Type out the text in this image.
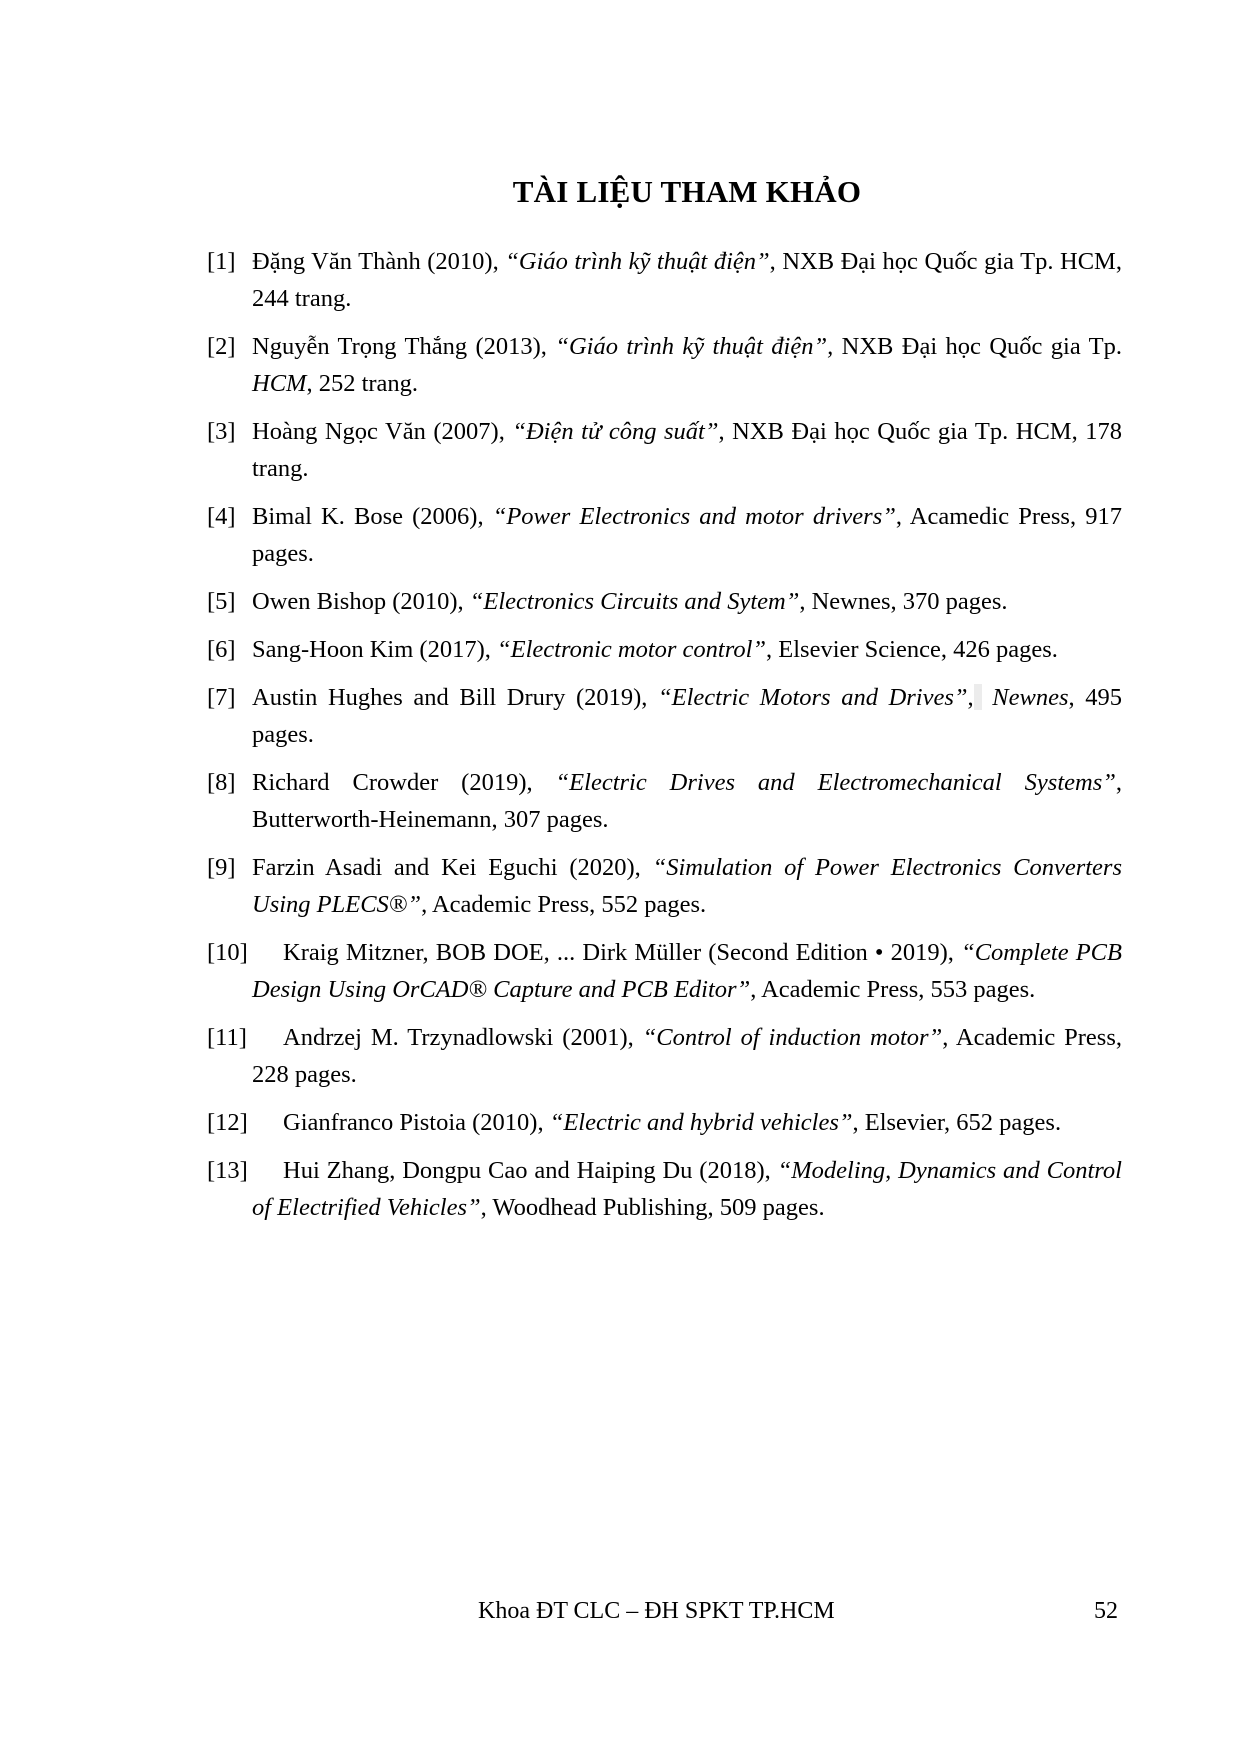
TÀI LIỆU THAM KHẢO
[1] Đặng Văn Thành (2010), “Giáo trình kỹ thuật điện”, NXB Đại học Quốc gia Tp. HCM, 244 trang.
[2] Nguyễn Trọng Thắng (2013), “Giáo trình kỹ thuật điện”, NXB Đại học Quốc gia Tp. HCM, 252 trang.
[3] Hoàng Ngọc Văn (2007), “Điện tử công suất”, NXB Đại học Quốc gia Tp. HCM, 178 trang.
[4] Bimal K. Bose (2006), “Power Electronics and motor drivers”, Acamedic Press, 917 pages.
[5] Owen Bishop (2010), “Electronics Circuits and Sytem”, Newnes, 370 pages.
[6] Sang-Hoon Kim (2017), “Electronic motor control”, Elsevier Science, 426 pages.
[7] Austin Hughes and Bill Drury (2019), “Electric Motors and Drives”, Newnes, 495 pages.
[8] Richard Crowder (2019), “Electric Drives and Electromechanical Systems”, Butterworth-Heinemann, 307 pages.
[9] Farzin Asadi and Kei Eguchi (2020), “Simulation of Power Electronics Converters Using PLECS®”, Academic Press, 552 pages.
[10] Kraig Mitzner, BOB DOE, ... Dirk Müller (Second Edition • 2019), “Complete PCB Design Using OrCAD® Capture and PCB Editor”, Academic Press, 553 pages.
[11] Andrzej M. Trzynadlowski (2001), “Control of induction motor”, Academic Press, 228 pages.
[12] Gianfranco Pistoia (2010), “Electric and hybrid vehicles”, Elsevier, 652 pages.
[13] Hui Zhang, Dongpu Cao and Haiping Du (2018), “Modeling, Dynamics and Control of Electrified Vehicles”, Woodhead Publishing, 509 pages.
Khoa ĐT CLC – ĐH SPKT TP.HCM	52
